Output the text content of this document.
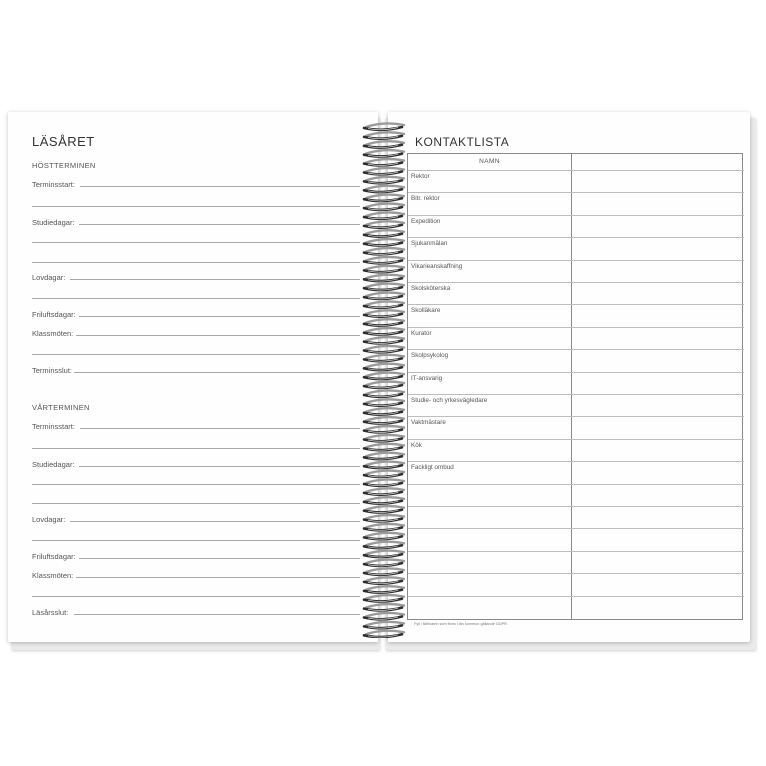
LÄSÅRET
HÖSTTERMINEN
VÅRTERMINEN
KONTAKTLISTA
NAMN
Rektor
Bitr. rektor
Expedition
Sjukanmälan
Vikarieanskaffning
Skolsköterska
Skolläkare
Kurator
Skolpsykolog
IT-ansvarig
Studie- och yrkesvägledare
Vaktmästare
Kök
Fackligt ombud
Fyll i fält/namn som finns i din kommun gällande GDPR.
Terminsstart:
Studiedagar:
Lovdagar:
Friluftsdagar:
Klassmöten:
Terminsslut:
Terminsstart:
Studiedagar:
Lovdagar:
Friluftsdagar:
Klassmöten:
Läsårsslut:
